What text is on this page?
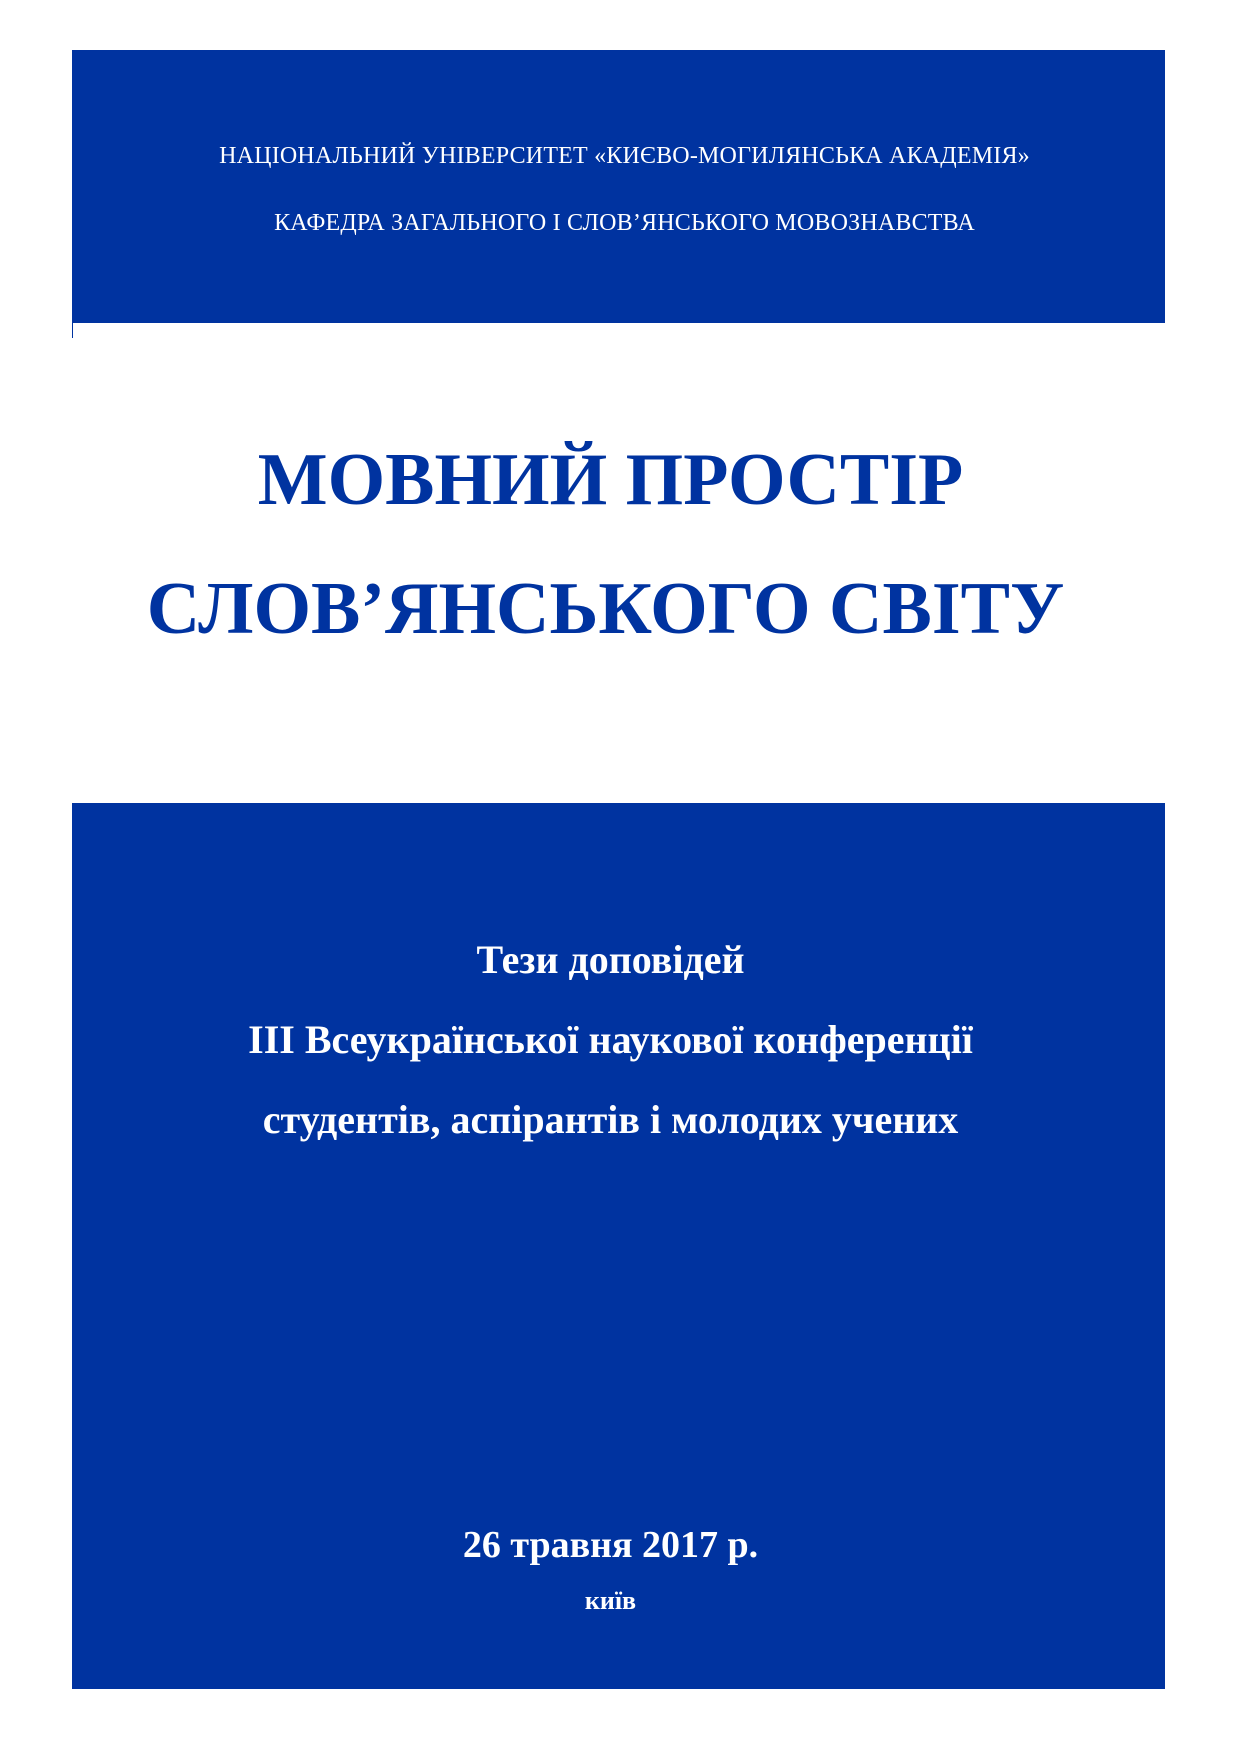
НАЦІОНАЛЬНИЙ УНІВЕРСИТЕТ «КИЄВО-МОГИЛЯНСЬКА АКАДЕМІЯ»
КАФЕДРА ЗАГАЛЬНОГО І СЛОВ’ЯНСЬКОГО МОВОЗНАВСТВА
МОВНИЙ ПРОСТІР
СЛОВ’ЯНСЬКОГО СВІТУ
Тези доповідей
ІІІ Всеукраїнської наукової конференції
студентів, аспірантів і молодих учених
26 травня 2017 р.
київ
